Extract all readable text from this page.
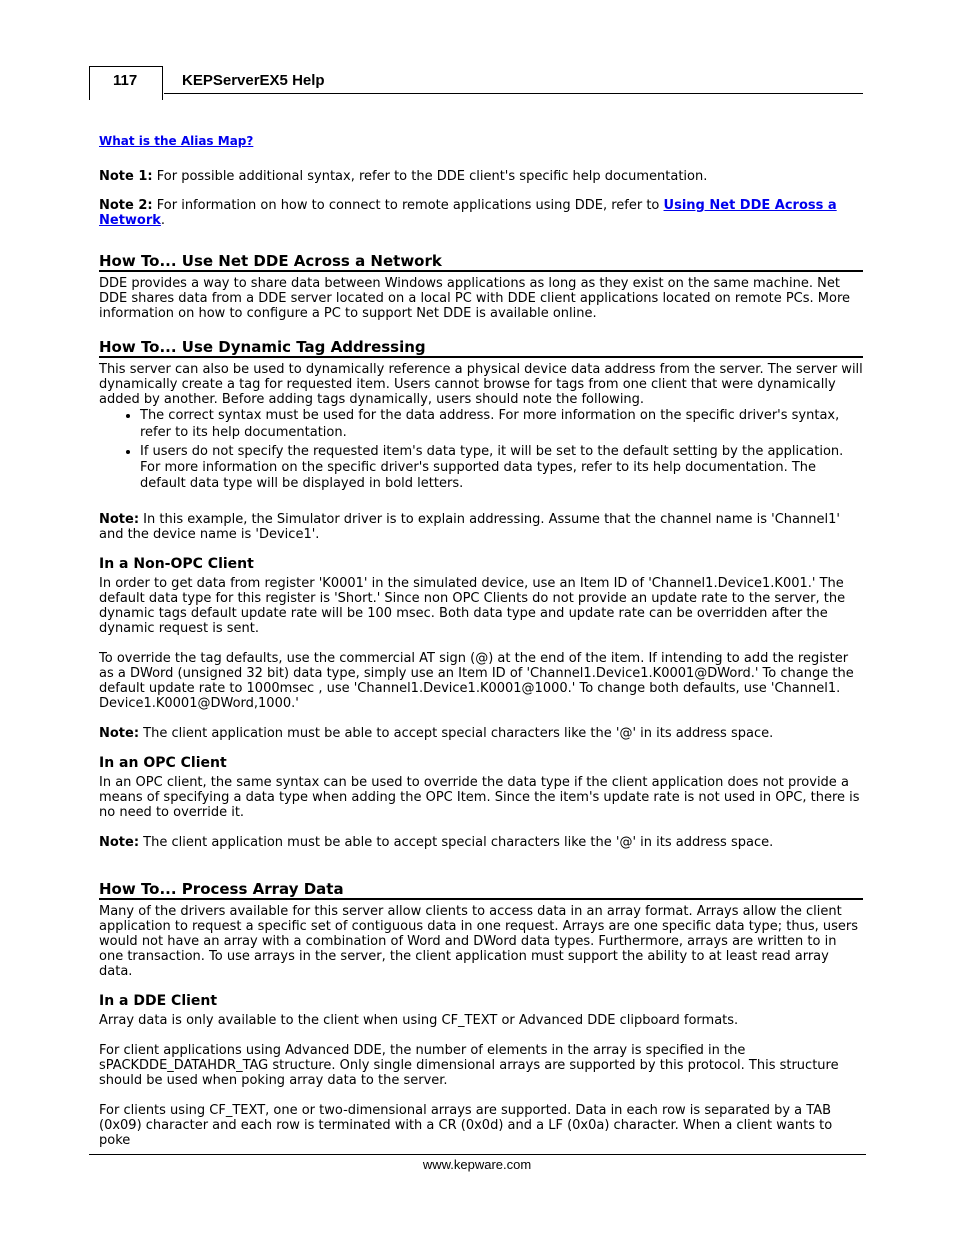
117	KEPServerEX5 Help

What is the Alias Map?

Note 1: For possible additional syntax, refer to the DDE client's specific help documentation.

Note 2: For information on how to connect to remote applications using DDE, refer to Using Net DDE Across a Network.

How To... Use Net DDE Across a Network

DDE provides a way to share data between Windows applications as long as they exist on the same machine. Net DDE shares data from a DDE server located on a local PC with DDE client applications located on remote PCs. More information on how to configure a PC to support Net DDE is available online.

How To... Use Dynamic Tag Addressing

This server can also be used to dynamically reference a physical device data address from the server. The server will dynamically create a tag for requested item. Users cannot browse for tags from one client that were dynamically added by another. Before adding tags dynamically, users should note the following.

• The correct syntax must be used for the data address. For more information on the specific driver's syntax, refer to its help documentation.
• If users do not specify the requested item's data type, it will be set to the default setting by the application. For more information on the specific driver's supported data types, refer to its help documentation. The default data type will be displayed in bold letters.

Note: In this example, the Simulator driver is to explain addressing. Assume that the channel name is 'Channel1' and the device name is 'Device1'.

In a Non-OPC Client

In order to get data from register 'K0001' in the simulated device, use an Item ID of 'Channel1.Device1.K001.' The default data type for this register is 'Short.' Since non OPC Clients do not provide an update rate to the server, the dynamic tags default update rate will be 100 msec. Both data type and update rate can be overridden after the dynamic request is sent.

To override the tag defaults, use the commercial AT sign (@) at the end of the item. If intending to add the register as a DWord (unsigned 32 bit) data type, simply use an Item ID of 'Channel1.Device1.K0001@DWord.' To change the default update rate to 1000msec , use 'Channel1.Device1.K0001@1000.' To change both defaults, use 'Channel1. Device1.K0001@DWord,1000.'

Note: The client application must be able to accept special characters like the '@' in its address space.

In an OPC Client

In an OPC client, the same syntax can be used to override the data type if the client application does not provide a means of specifying a data type when adding the OPC Item. Since the item's update rate is not used in OPC, there is no need to override it.

Note: The client application must be able to accept special characters like the '@' in its address space.

How To... Process Array Data

Many of the drivers available for this server allow clients to access data in an array format. Arrays allow the client application to request a specific set of contiguous data in one request. Arrays are one specific data type; thus, users would not have an array with a combination of Word and DWord data types. Furthermore, arrays are written to in one transaction. To use arrays in the server, the client application must support the ability to at least read array data.

In a DDE Client

Array data is only available to the client when using CF_TEXT or Advanced DDE clipboard formats.

For client applications using Advanced DDE, the number of elements in the array is specified in the sPACKDDE_DATAHDR_TAG structure. Only single dimensional arrays are supported by this protocol. This structure should be used when poking array data to the server.

For clients using CF_TEXT, one or two-dimensional arrays are supported. Data in each row is separated by a TAB (0x09) character and each row is terminated with a CR (0x0d) and a LF (0x0a) character. When a client wants to poke

www.kepware.com
